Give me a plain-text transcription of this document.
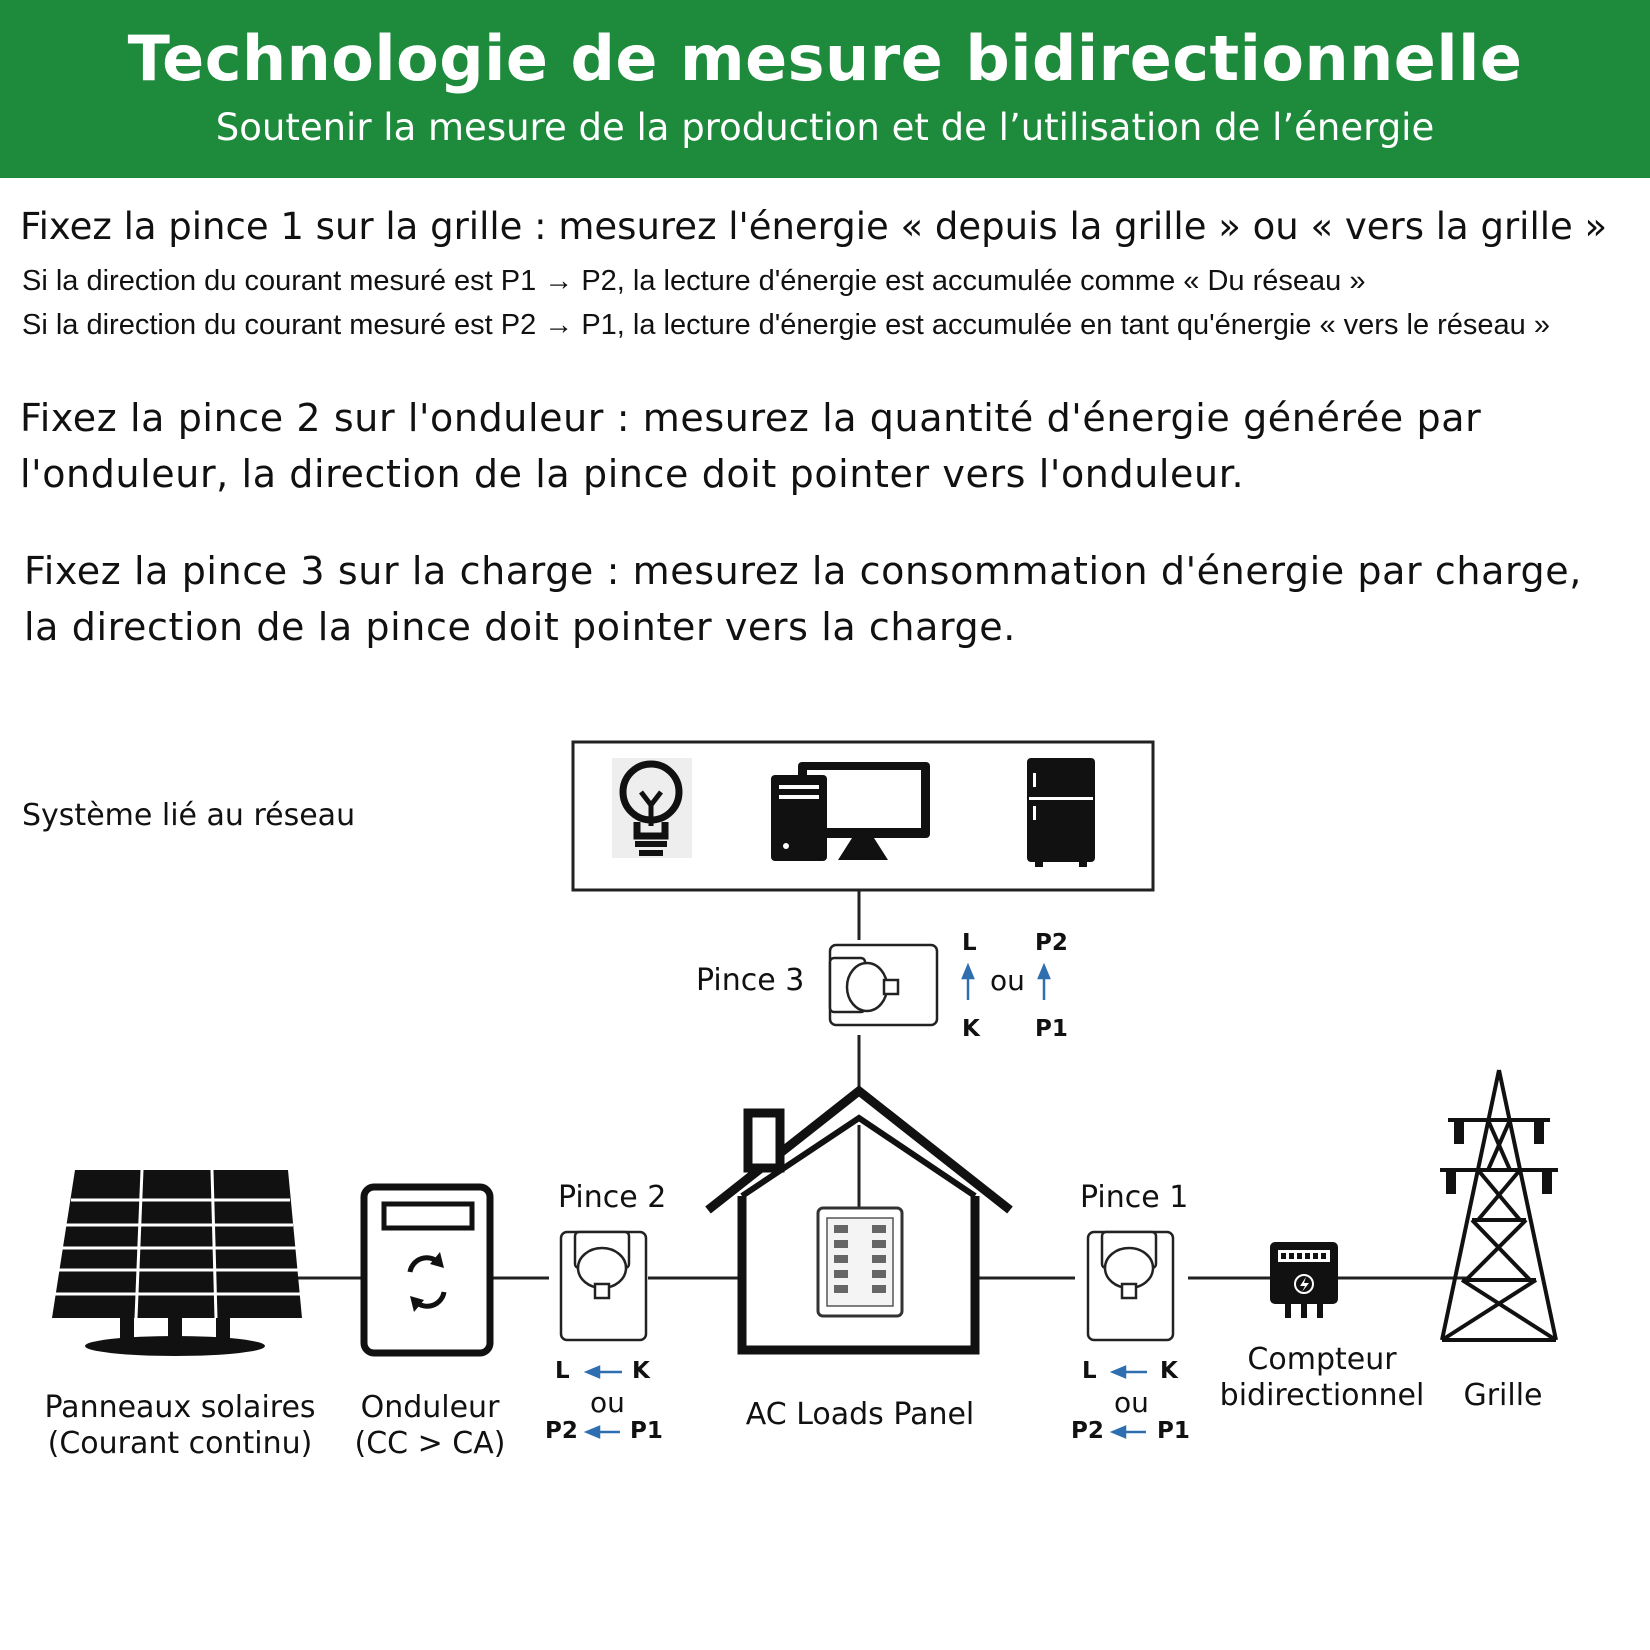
Technologie de mesure bidirectionnelle
Soutenir la mesure de la production et de l’utilisation de l’énergie
Fixez la pince 1 sur la grille : mesurez l'énergie « depuis la grille » ou « vers la grille »
Si la direction du courant mesuré est P1 → P2, la lecture d'énergie est accumulée comme « Du réseau »
Si la direction du courant mesuré est P2 → P1, la lecture d'énergie est accumulée en tant qu'énergie « vers le réseau »
Fixez la pince 2 sur l'onduleur : mesurez la quantité d'énergie générée par
l'onduleur, la direction de la pince doit pointer vers l'onduleur.
Fixez la pince 3 sur la charge : mesurez la consommation d'énergie par charge,
la direction de la pince doit pointer vers la charge.
Système lié au réseau
Pince 3
L
K
ou
P2
P1
Pince 2
L	K
ou
P2 P1
Pince 1
L	K
ou
P2 P1
Panneaux solaires
(Courant continu)
Onduleur
(CC > CA)
AC Loads Panel
Compteur
bidirectionnel	Grille
